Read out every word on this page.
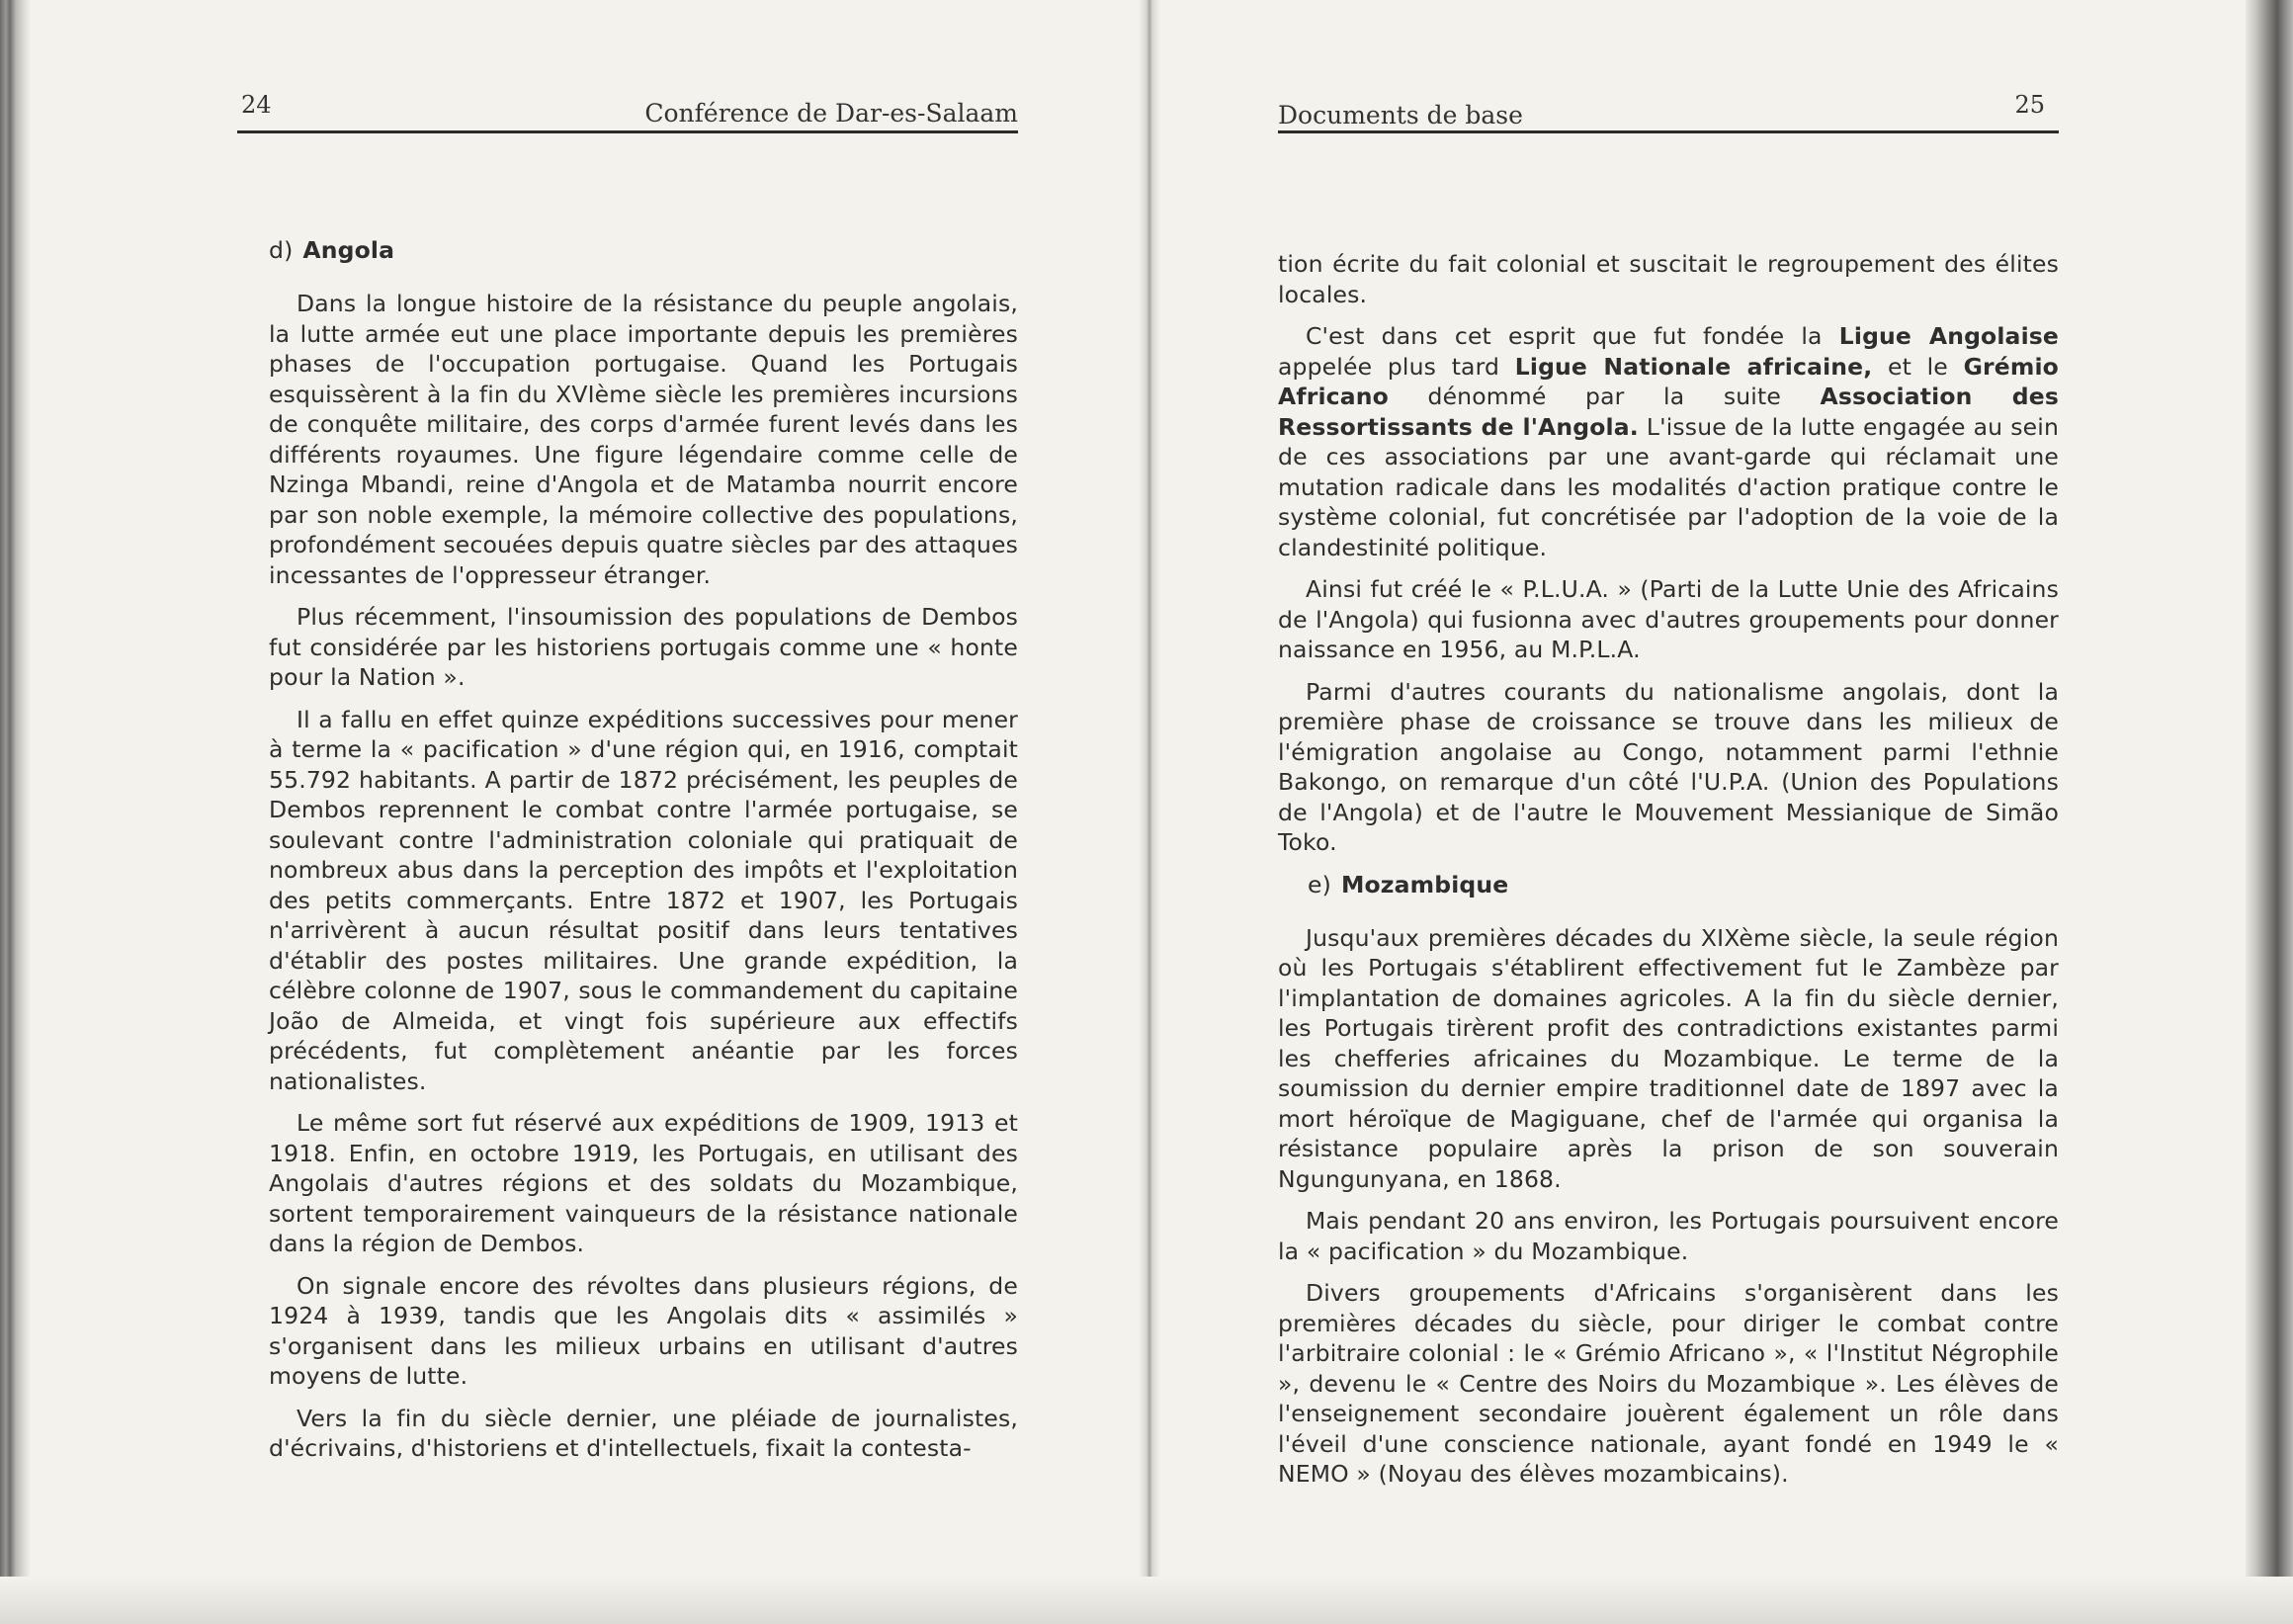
24	Conférence de Dar-es-Salaam
d) Angola

Dans la longue histoire de la résistance du peuple angolais, la lutte armée eut une place importante depuis les premières phases de l'occupation portugaise. Quand les Portugais esquissèrent à la fin du XVIème siècle les premières incursions de conquête militaire, des corps d'armée furent levés dans les différents royaumes. Une figure légendaire comme celle de Nzinga Mbandi, reine d'Angola et de Matamba nourrit encore par son noble exemple, la mémoire collective des populations, profondément secouées depuis quatre siècles par des attaques incessantes de l'oppresseur étranger.

Plus récemment, l'insoumission des populations de Dembos fut considérée par les historiens portugais comme une « honte pour la Nation ».

Il a fallu en effet quinze expéditions successives pour mener à terme la « pacification » d'une région qui, en 1916, comptait 55.792 habitants. A partir de 1872 précisément, les peuples de Dembos reprennent le combat contre l'armée portugaise, se soulevant contre l'administration coloniale qui pratiquait de nombreux abus dans la perception des impôts et l'exploitation des petits commerçants. Entre 1872 et 1907, les Portugais n'arrivèrent à aucun résultat positif dans leurs tentatives d'établir des postes militaires. Une grande expédition, la célèbre colonne de 1907, sous le commandement du capitaine João de Almeida, et vingt fois supérieure aux effectifs précédents, fut complètement anéantie par les forces nationalistes.

Le même sort fut réservé aux expéditions de 1909, 1913 et 1918. Enfin, en octobre 1919, les Portugais, en utilisant des Angolais d'autres régions et des soldats du Mozambique, sortent temporairement vainqueurs de la résistance nationale dans la région de Dembos.

On signale encore des révoltes dans plusieurs régions, de 1924 à 1939, tandis que les Angolais dits « assimilés » s'organisent dans les milieux urbains en utilisant d'autres moyens de lutte.

Vers la fin du siècle dernier, une pléiade de journalistes, d'écrivains, d'historiens et d'intellectuels, fixait la contesta-

Documents de base	25

tion écrite du fait colonial et suscitait le regroupement des élites locales.

C'est dans cet esprit que fut fondée la Ligue Angolaise appelée plus tard Ligue Nationale africaine, et le Grémio Africano dénommé par la suite Association des Ressortissants de l'Angola. L'issue de la lutte engagée au sein de ces associations par une avant-garde qui réclamait une mutation radicale dans les modalités d'action pratique contre le système colonial, fut concrétisée par l'adoption de la voie de la clandestinité politique.

Ainsi fut créé le « P.L.U.A. » (Parti de la Lutte Unie des Africains de l'Angola) qui fusionna avec d'autres groupements pour donner naissance en 1956, au M.P.L.A.

Parmi d'autres courants du nationalisme angolais, dont la première phase de croissance se trouve dans les milieux de l'émigration angolaise au Congo, notamment parmi l'ethnie Bakongo, on remarque d'un côté l'U.P.A. (Union des Populations de l'Angola) et de l'autre le Mouvement Messianique de Simão Toko.

e) Mozambique

Jusqu'aux premières décades du XIXème siècle, la seule région où les Portugais s'établirent effectivement fut le Zambèze par l'implantation de domaines agricoles. A la fin du siècle dernier, les Portugais tirèrent profit des contradictions existantes parmi les chefferies africaines du Mozambique. Le terme de la soumission du dernier empire traditionnel date de 1897 avec la mort héroïque de Magiguane, chef de l'armée qui organisa la résistance populaire après la prison de son souverain Ngungunyana, en 1868.

Mais pendant 20 ans environ, les Portugais poursuivent encore la « pacification » du Mozambique.

Divers groupements d'Africains s'organisèrent dans les premières décades du siècle, pour diriger le combat contre l'arbitraire colonial : le « Grémio Africano », « l'Institut Négrophile », devenu le « Centre des Noirs du Mozambique ». Les élèves de l'enseignement secondaire jouèrent également un rôle dans l'éveil d'une conscience nationale, ayant fondé en 1949 le « NEMO » (Noyau des élèves mozambicains).
